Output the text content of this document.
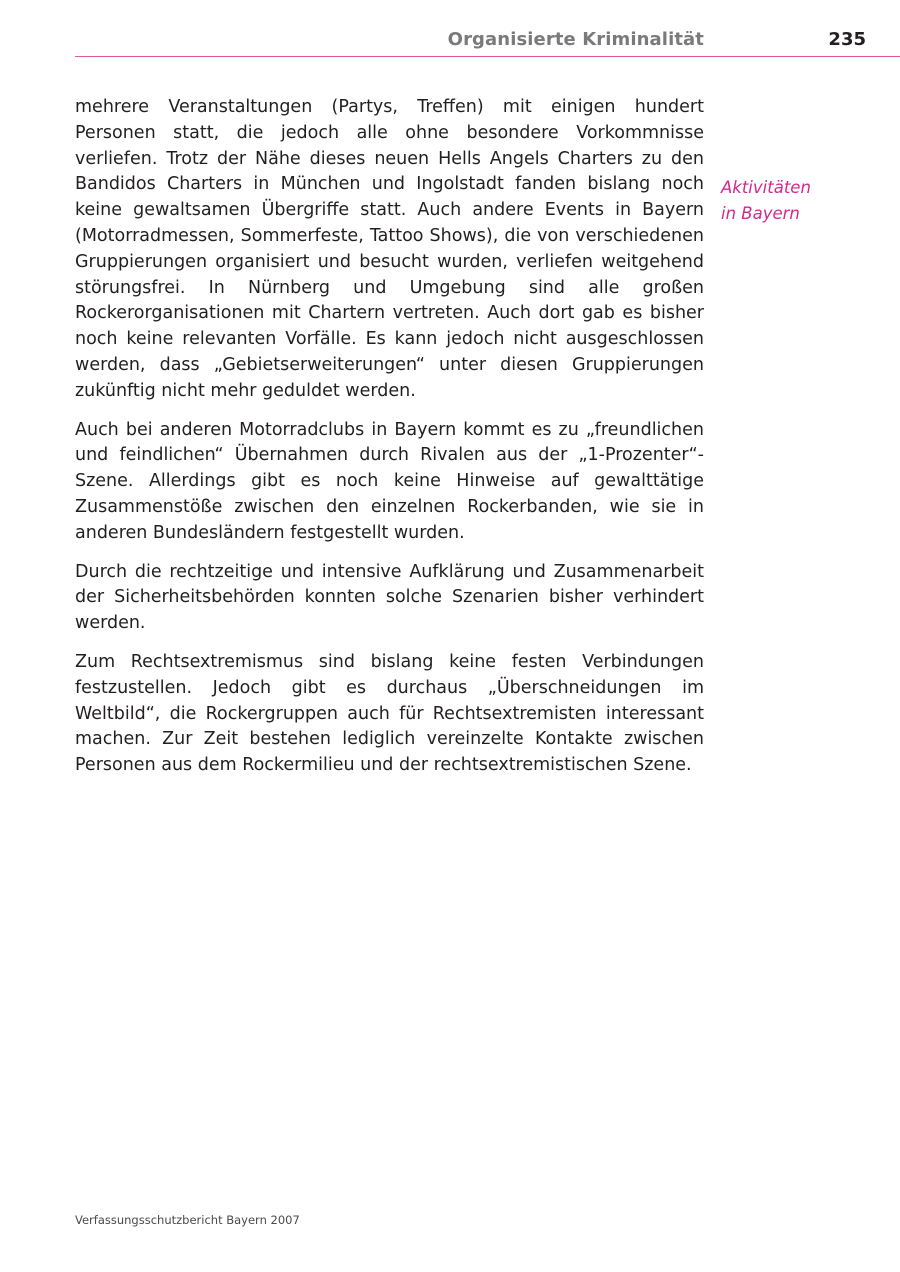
Organisierte Kriminalität	235

mehrere Veranstaltungen (Partys, Treffen) mit einigen hundert Personen statt, die jedoch alle ohne besondere Vorkommnisse verliefen. Trotz der Nähe dieses neuen Hells Angels Charters zu den Bandidos Charters in München und Ingolstadt fanden bislang noch keine gewaltsamen Übergriffe statt. Auch andere Events in Bayern (Motorradmessen, Sommerfeste, Tattoo Shows), die von verschiedenen Gruppierungen organisiert und besucht wurden, verliefen weitgehend störungsfrei. In Nürnberg und Umgebung sind alle großen Rockerorganisationen mit Chartern vertreten. Auch dort gab es bisher noch keine relevanten Vorfälle. Es kann jedoch nicht ausgeschlossen werden, dass „Gebietserweiterungen“ unter diesen Gruppierungen zukünftig nicht mehr geduldet werden.

Auch bei anderen Motorradclubs in Bayern kommt es zu „freundlichen und feindlichen“ Übernahmen durch Rivalen aus der „1-Prozenter“-Szene. Allerdings gibt es noch keine Hinweise auf gewalttätige Zusammenstöße zwischen den einzelnen Rockerbanden, wie sie in anderen Bundesländern festgestellt wurden.

Durch die rechtzeitige und intensive Aufklärung und Zusammenarbeit der Sicherheitsbehörden konnten solche Szenarien bisher verhindert werden.

Zum Rechtsextremismus sind bislang keine festen Verbindungen festzustellen. Jedoch gibt es durchaus „Überschneidungen im Weltbild“, die Rockergruppen auch für Rechtsextremisten interessant machen. Zur Zeit bestehen lediglich vereinzelte Kontakte zwischen Personen aus dem Rockermilieu und der rechtsextremistischen Szene.

Aktivitäten
in Bayern
Verfassungsschutzbericht Bayern 2007
